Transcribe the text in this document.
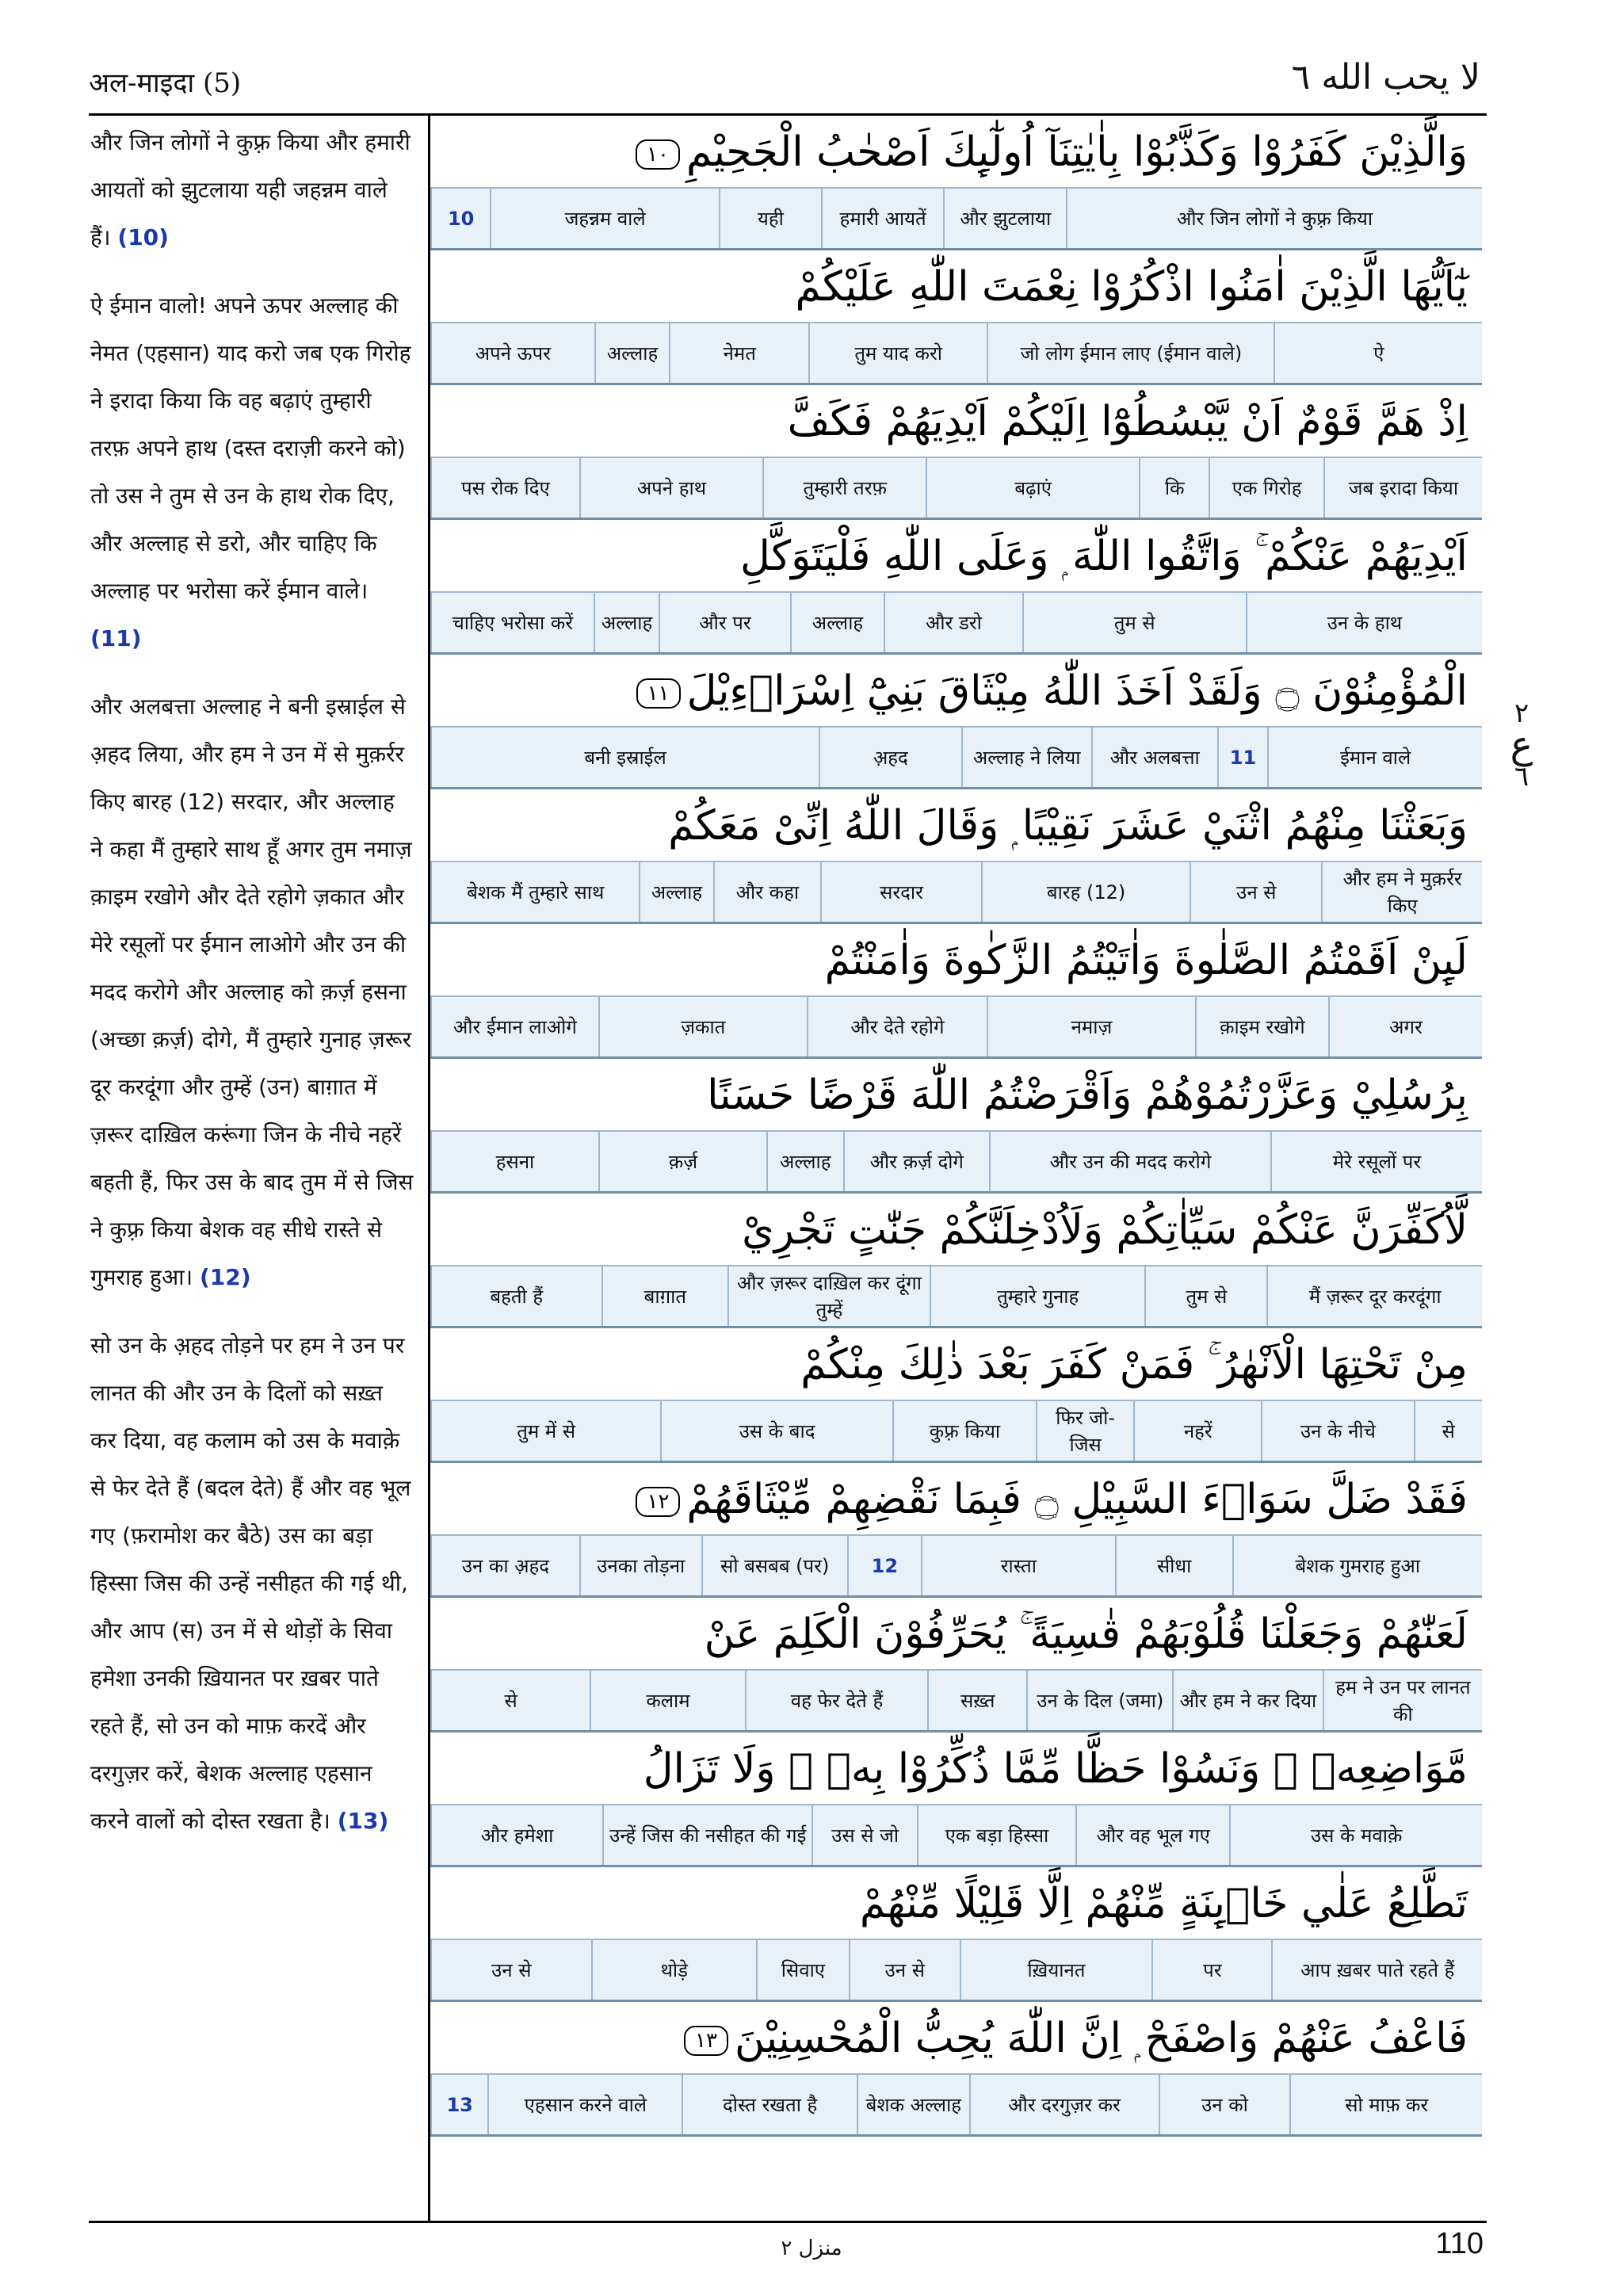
अल-माइदा (5)	لا يحب الله ٦

और जिन लोगों ने कुफ़्र किया और हमारी आयतों को झुटलाया यही जहन्नम वाले हैं। (10)

ऐ ईमान वालो! अपने ऊपर अल्लाह की नेमत (एहसान) याद करो जब एक गिरोह ने इरादा किया कि वह बढ़ाएं तुम्हारी तरफ़ अपने हाथ (दस्त दराज़ी करने को) तो उस ने तुम से उन के हाथ रोक दिए, और अल्लाह से डरो, और चाहिए कि अल्लाह पर भरोसा करें ईमान वाले। (11)

और अलबत्ता अल्लाह ने बनी इस्राईल से अ़हद लिया, और हम ने उन में से मुक़र्रर किए बारह (12) सरदार, और अल्लाह ने कहा मैं तुम्हारे साथ हूँ अगर तुम नमाज़ क़ाइम रखोगे और देते रहोगे ज़कात और मेरे रसूलों पर ईमान लाओगे और उन की मदद करोगे और अल्लाह को क़र्ज़ हसना (अच्छा क़र्ज़) दोगे, मैं तुम्हारे गुनाह ज़रूर दूर करदूंगा और तुम्हें (उन) बाग़ात में ज़रूर दाख़िल करूंगा जिन के नीचे नहरें बहती हैं, फिर उस के बाद तुम में से जिस ने कुफ़्र किया बेशक वह सीधे रास्ते से गुमराह हुआ। (12)

सो उन के अ़हद तोड़ने पर हम ने उन पर लानत की और उन के दिलों को सख़्त कर दिया, वह कलाम को उस के मवाक़े से फेर देते हैं (बदल देते) हैं और वह भूल गए (फ़रामोश कर बैठे) उस का बड़ा हिस्सा जिस की उन्हें नसीहत की गई थी, और आप (स) उन में से थोड़ों के सिवा हमेशा उनकी ख़ियानत पर ख़बर पाते रहते हैं, सो उन को माफ़ करदें और दरगुज़र करें, बेशक अल्लाह एहसान करने वालों को दोस्त रखता है। (13)

وَالَّذِيْنَ كَفَرُوْا وَكَذَّبُوْا بِاٰيٰتِنَآ اُولٰٓىِٕكَ اَصْحٰبُ الْجَحِيْمِ١٠
और जिन लोगों ने कुफ़्र किया
और झुटलाया
हमारी आयतें
यही
जहन्नम वाले
10
يٰٓاَيُّهَا الَّذِيْنَ اٰمَنُوا اذْكُرُوْا نِعْمَتَ اللّٰهِ عَلَيْكُمْ
ऐ
जो लोग ईमान लाए (ईमान वाले)
तुम याद करो
नेमत
अल्लाह
अपने ऊपर
اِذْ هَمَّ قَوْمٌ اَنْ يَّبْسُطُوْٓا اِلَيْكُمْ اَيْدِيَهُمْ فَكَفَّ
जब इरादा किया
एक गिरोह
कि
बढ़ाएं
तुम्हारी तरफ़
अपने हाथ
पस रोक दिए
اَيْدِيَهُمْ عَنْكُمْ ۚ وَاتَّقُوا اللّٰهَ ۭ وَعَلَى اللّٰهِ فَلْيَتَوَكَّلِ
उन के हाथ
तुम से
और डरो
अल्लाह
और पर
अल्लाह
चाहिए भरोसा करें
الْمُؤْمِنُوْنَ ۝ وَلَقَدْ اَخَذَ اللّٰهُ مِيْثَاقَ بَنِيْٓ اِسْرَاۗءِيْلَ١١
ईमान वाले
11
और अलबत्ता
अल्लाह ने लिया
अ़हद
बनी इस्राईल
وَبَعَثْنَا مِنْهُمُ اثْنَيْ عَشَرَ نَقِيْبًا ۭ وَقَالَ اللّٰهُ اِنِّىْ مَعَكُمْ
और हम ने मुक़र्रर किए
उन से
बारह (12)
सरदार
और कहा
अल्लाह
बेशक मैं तुम्हारे साथ
لَىِٕنْ اَقَمْتُمُ الصَّلٰوةَ وَاٰتَيْتُمُ الزَّكٰوةَ وَاٰمَنْتُمْ
अगर
क़ाइम रखोगे
नमाज़
और देते रहोगे
ज़कात
और ईमान लाओगे
بِرُسُلِيْ وَعَزَّرْتُمُوْهُمْ وَاَقْرَضْتُمُ اللّٰهَ قَرْضًا حَسَنًا
मेरे रसूलों पर
और उन की मदद करोगे
और क़र्ज़ दोगे
अल्लाह
क़र्ज़
हसना
لَّاُكَفِّرَنَّ عَنْكُمْ سَيِّاٰتِكُمْ وَلَاُدْخِلَنَّكُمْ جَنّٰتٍ تَجْرِيْ
मैं ज़रूर दूर करदूंगा
तुम से
तुम्हारे गुनाह
और ज़रूर दाख़िल कर दूंगा तुम्हें
बाग़ात
बहती हैं
مِنْ تَحْتِهَا الْاَنْهٰرُ ۚ فَمَنْ كَفَرَ بَعْدَ ذٰلِكَ مِنْكُمْ
से
उन के नीचे
नहरें
फिर जो-जिस
कुफ़्र किया
उस के बाद
तुम में से
فَقَدْ ضَلَّ سَوَاۗءَ السَّبِيْلِ ۝ فَبِمَا نَقْضِهِمْ مِّيْثَاقَهُمْ١٢
बेशक गुमराह हुआ
सीधा
रास्ता
12
सो बसबब (पर)
उनका तोड़ना
उन का अ़हद
لَعَنّٰهُمْ وَجَعَلْنَا قُلُوْبَهُمْ قٰسِيَةً ۚ يُحَرِّفُوْنَ الْكَلِمَ عَنْ
हम ने उन पर लानत की
और हम ने कर दिया
उन के दिल (जमा)
सख़्त
वह फेर देते हैं
कलाम
से
مَّوَاضِعِهٖ ۙ وَنَسُوْا حَظًّا مِّمَّا ذُكِّرُوْا بِهٖ ۚ وَلَا تَزَالُ
उस के मवाक़े
और वह भूल गए
एक बड़ा हिस्सा
उस से जो
उन्हें जिस की नसीहत की गई
और हमेशा
تَطَّلِعُ عَلٰي خَاۗىِٕنَةٍ مِّنْهُمْ اِلَّا قَلِيْلًا مِّنْهُمْ
आप ख़बर पाते रहते हैं
पर
ख़ियानत
उन से
सिवाए
थोड़े
उन से
فَاعْفُ عَنْهُمْ وَاصْفَحْ ۭ اِنَّ اللّٰهَ يُحِبُّ الْمُحْسِنِيْنَ١٣
सो माफ़ कर
उन को
और दरगुज़र कर
बेशक अल्लाह
दोस्त रखता है
एहसान करने वाले
13
٢
ع
٦
منزل ٢	110
